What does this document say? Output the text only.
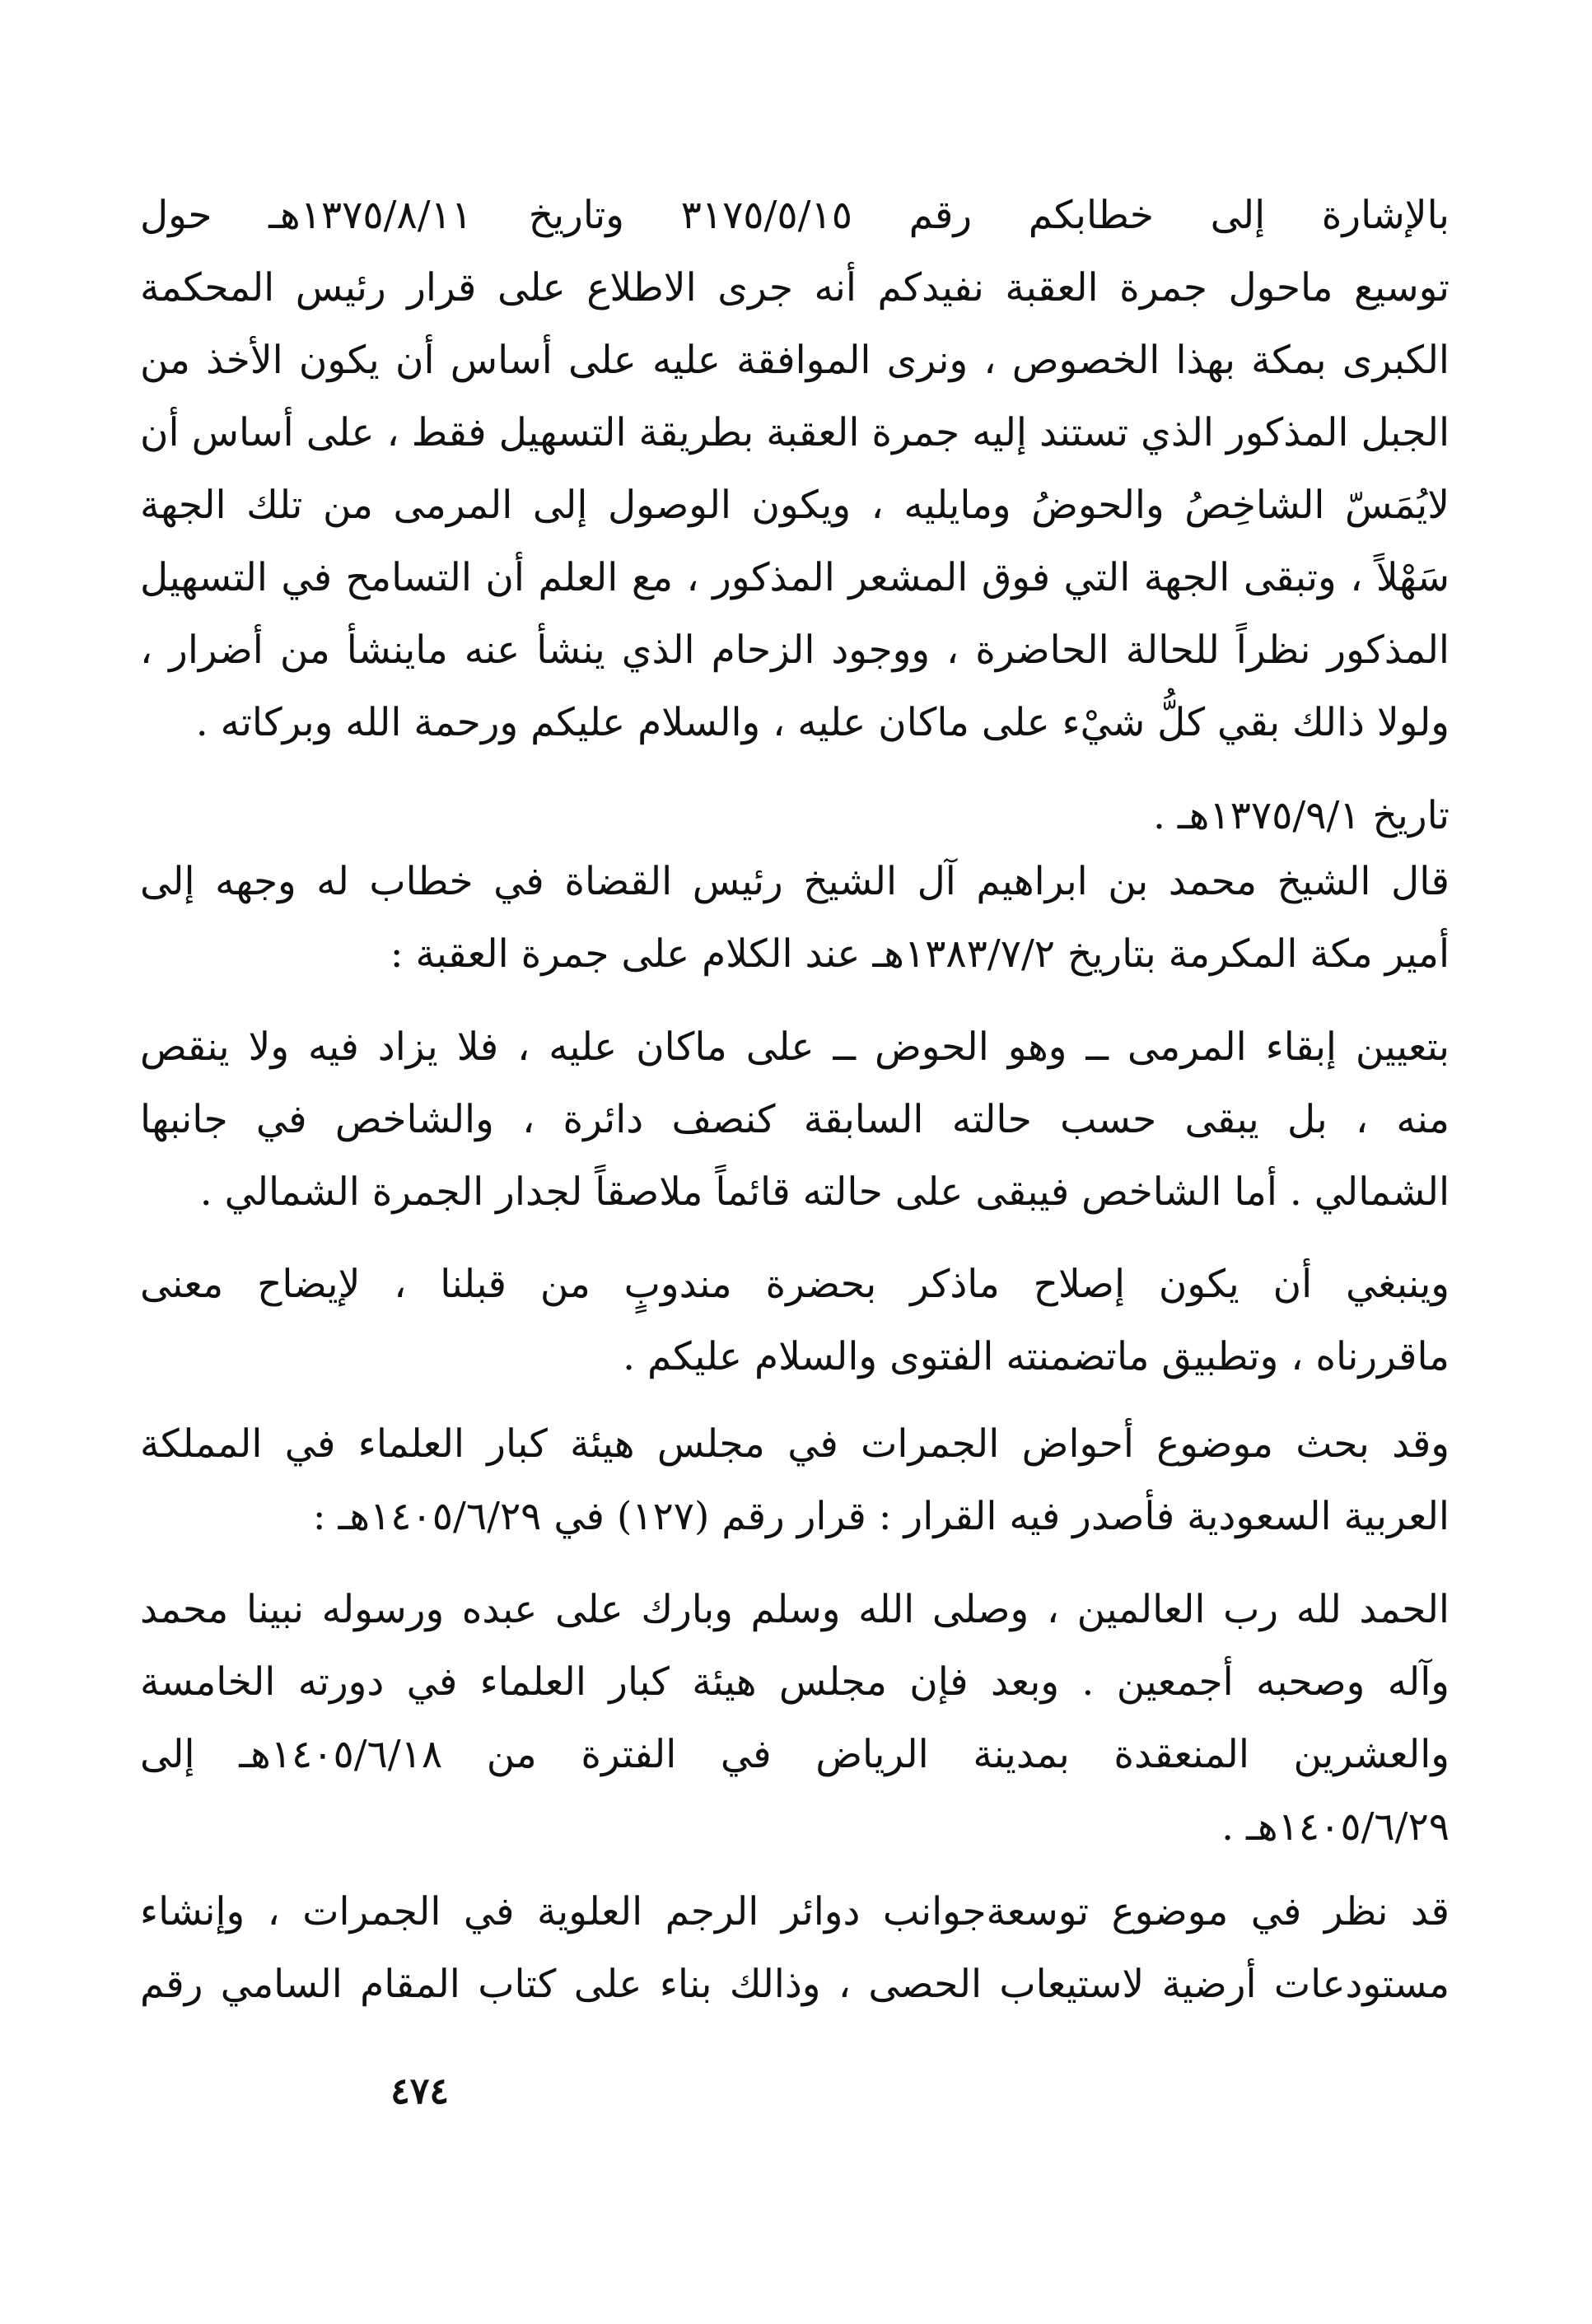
بالإشارة إلى خطابكم رقم ٣١٧٥/٥/١٥ وتاريخ ١٣٧٥/٨/١١هـ حول
توسيع ماحول جمرة العقبة نفيدكم أنه جرى الاطلاع على قرار رئيس المحكمة
الكبرى بمكة بهذا الخصوص ، ونرى الموافقة عليه على أساس أن يكون الأخذ من
الجبل المذكور الذي تستند إليه جمرة العقبة بطريقة التسهيل فقط ، على أساس أن
لايُمَسّ الشاخِصُ والحوضُ ومايليه ، ويكون الوصول إلى المرمى من تلك الجهة
سَهْلاً ، وتبقى الجهة التي فوق المشعر المذكور ، مع العلم أن التسامح في التسهيل
المذكور نظراً للحالة الحاضرة ، ووجود الزحام الذي ينشأ عنه ماينشأ من أضرار ،
ولولا ذالك بقي كلُّ شيْء على ماكان عليه ، والسلام عليكم ورحمة الله وبركاته .
تاريخ ١٣٧٥/٩/١هـ .
قال الشيخ محمد بن ابراهيم آل الشيخ رئيس القضاة في خطاب له وجهه إلى
أمير مكة المكرمة بتاريخ ١٣٨٣/٧/٢هـ عند الكلام على جمرة العقبة :
بتعيين إبقاء المرمى ــ وهو الحوض ــ على ماكان عليه ، فلا يزاد فيه ولا ينقص
منه ، بل يبقى حسب حالته السابقة كنصف دائرة ، والشاخص في جانبها
الشمالي . أما الشاخص فيبقى على حالته قائماً ملاصقاً لجدار الجمرة الشمالي .
وينبغي أن يكون إصلاح ماذكر بحضرة مندوبٍ من قبلنا ، لإيضاح معنى
ماقررناه ، وتطبيق ماتضمنته الفتوى والسلام عليكم .
وقد بحث موضوع أحواض الجمرات في مجلس هيئة كبار العلماء في المملكة
العربية السعودية فأصدر فيه القرار : قرار رقم (١٢٧) في ١٤٠٥/٦/٢٩هـ :
الحمد لله رب العالمين ، وصلى الله وسلم وبارك على عبده ورسوله نبينا محمد
وآله وصحبه أجمعين . وبعد فإن مجلس هيئة كبار العلماء في دورته الخامسة
والعشرين المنعقدة بمدينة الرياض في الفترة من ١٤٠٥/٦/١٨هـ إلى
١٤٠٥/٦/٢٩هـ .
قد نظر في موضوع توسعةجوانب دوائر الرجم العلوية في الجمرات ، وإنشاء
مستودعات أرضية لاستيعاب الحصى ، وذالك بناء على كتاب المقام السامي رقم
٤٧٤
